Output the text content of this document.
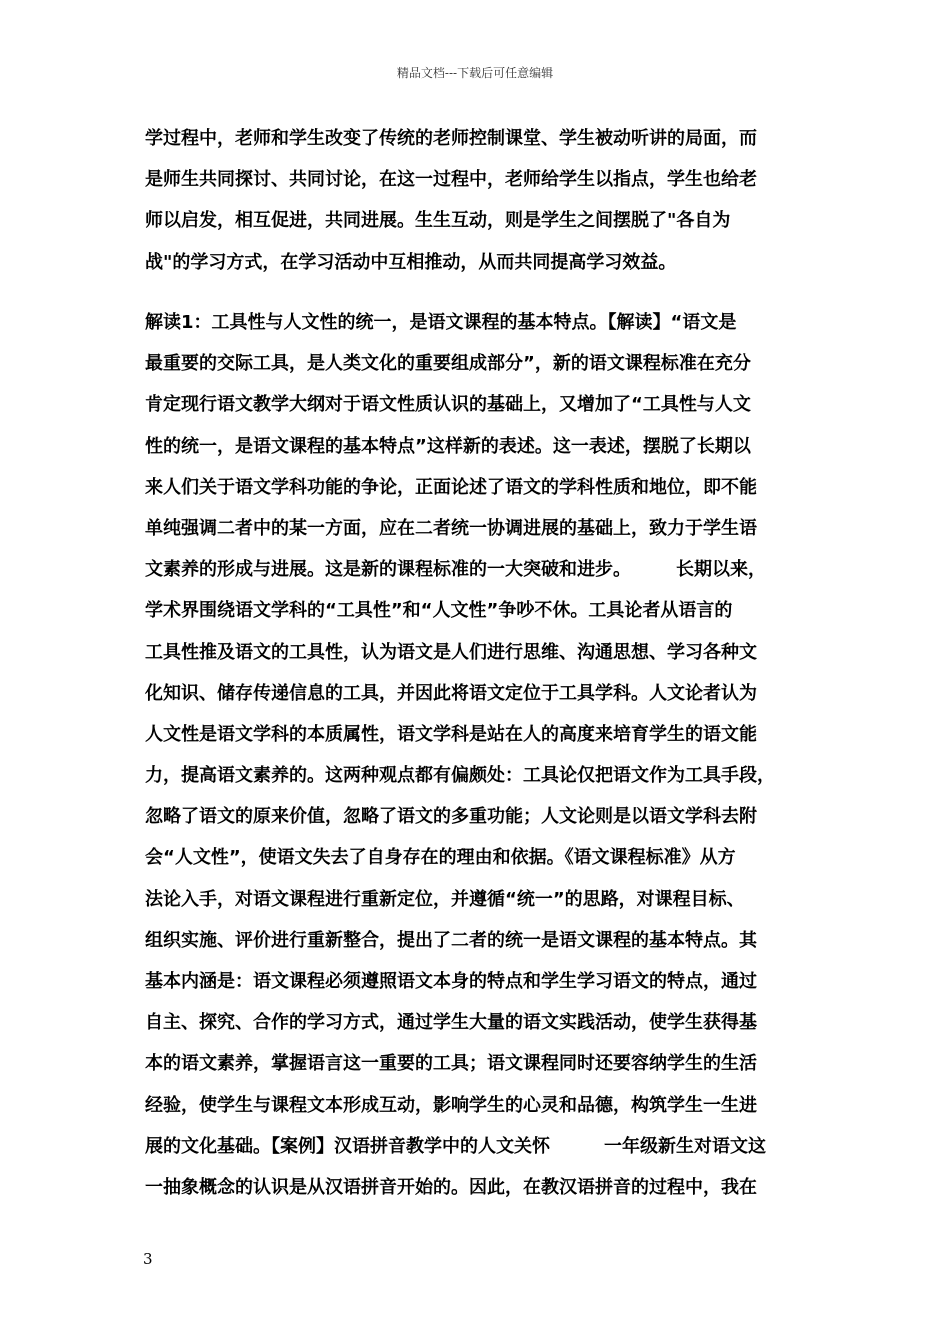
精品文档---下载后可任意编辑
学过程中，老师和学生改变了传统的老师控制课堂、学生被动听讲的局面，而
是师生共同探讨、共同讨论，在这一过程中，老师给学生以指点，学生也给老
师以启发，相互促进，共同进展。生生互动，则是学生之间摆脱了"各自为
战"的学习方式，在学习活动中互相推动，从而共同提高学习效益。
解读1：工具性与人文性的统一，是语文课程的基本特点。【解读】“语文是
最重要的交际工具，是人类文化的重要组成部分”，新的语文课程标准在充分
肯定现行语文教学大纲对于语文性质认识的基础上，又增加了“工具性与人文
性的统一，是语文课程的基本特点”这样新的表述。这一表述，摆脱了长期以
来人们关于语文学科功能的争论，正面论述了语文的学科性质和地位，即不能
单纯强调二者中的某一方面，应在二者统一协调进展的基础上，致力于学生语
文素养的形成与进展。这是新的课程标准的一大突破和进步。　　　长期以来，
学术界围绕语文学科的“工具性”和“人文性”争吵不休。工具论者从语言的
工具性推及语文的工具性，认为语文是人们进行思维、沟通思想、学习各种文
化知识、储存传递信息的工具，并因此将语文定位于工具学科。人文论者认为
人文性是语文学科的本质属性，语文学科是站在人的高度来培育学生的语文能
力，提高语文素养的。这两种观点都有偏颇处：工具论仅把语文作为工具手段，
忽略了语文的原来价值，忽略了语文的多重功能；人文论则是以语文学科去附
会“人文性”，使语文失去了自身存在的理由和依据。《语文课程标准》从方
法论入手，对语文课程进行重新定位，并遵循“统一”的思路，对课程目标、
组织实施、评价进行重新整合，提出了二者的统一是语文课程的基本特点。其
基本内涵是：语文课程必须遵照语文本身的特点和学生学习语文的特点，通过
自主、探究、合作的学习方式，通过学生大量的语文实践活动，使学生获得基
本的语文素养，掌握语言这一重要的工具；语文课程同时还要容纳学生的生活
经验，使学生与课程文本形成互动，影响学生的心灵和品德，构筑学生一生进
展的文化基础。【案例】汉语拼音教学中的人文关怀　　　一年级新生对语文这
一抽象概念的认识是从汉语拼音开始的。因此，在教汉语拼音的过程中，我在
3
